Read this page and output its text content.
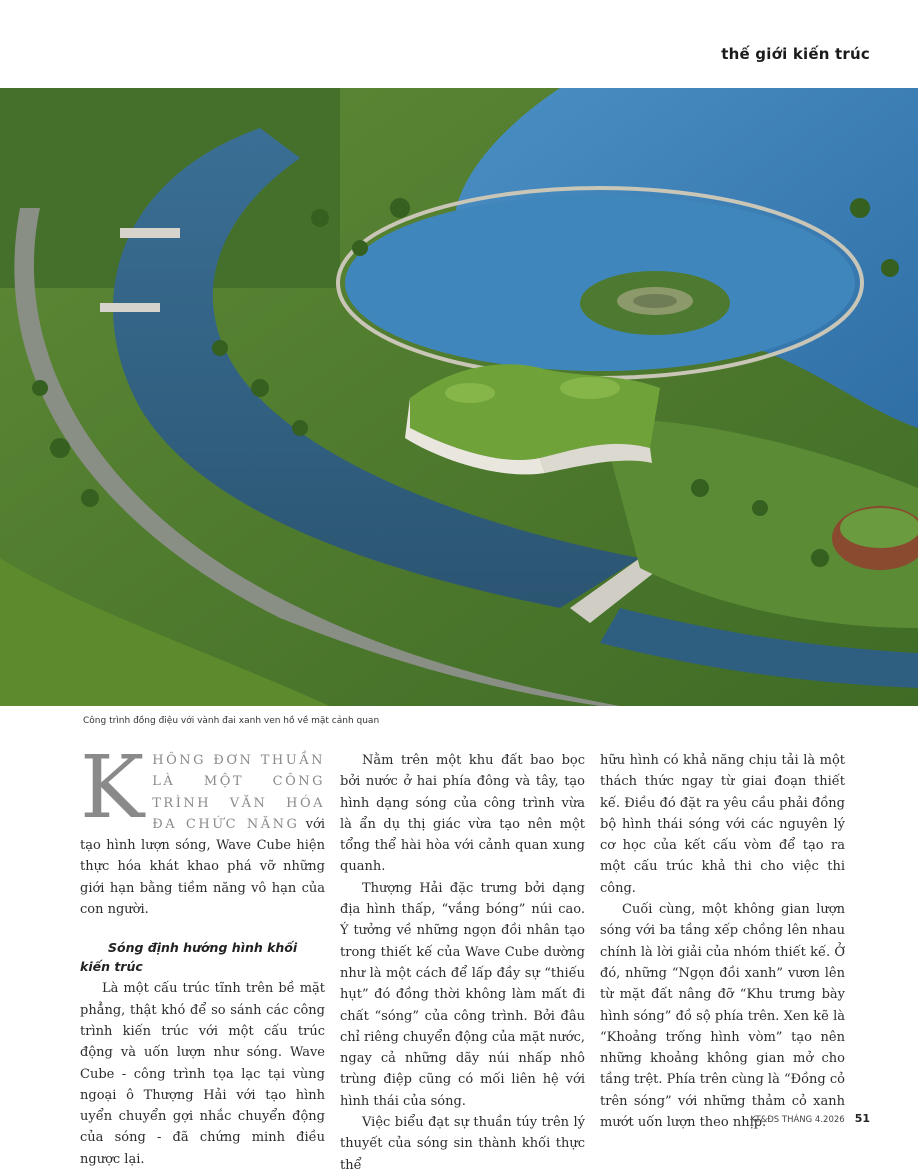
thế giới kiến trúc
Công trình đồng điệu với vành đai xanh ven hồ về mặt cảnh quan

KHÔNG ĐƠN THUẦN LÀ MỘT CÔNG TRÌNH VĂN HÓA ĐA CHỨC NĂNG với tạo hình lượn sóng, Wave Cube hiện thực hóa khát khao phá vỡ những giới hạn bằng tiềm năng vô hạn của con người.

Sóng định hướng hình khối
kiến trúc

Là một cấu trúc tĩnh trên bề mặt phẳng, thật khó để so sánh các công trình kiến trúc với một cấu trúc động và uốn lượn như sóng. Wave Cube - công trình tọa lạc tại vùng ngoại ô Thượng Hải với tạo hình uyển chuyển gợi nhắc chuyển động của sóng - đã chứng minh điều ngược lại.

Nằm trên một khu đất bao bọc bởi nước ở hai phía đông và tây, tạo hình dạng sóng của công trình vừa là ẩn dụ thị giác vừa tạo nên một tổng thể hài hòa với cảnh quan xung quanh.

Thượng Hải đặc trưng bởi dạng địa hình thấp, “vắng bóng” núi cao. Ý tưởng về những ngọn đồi nhân tạo trong thiết kế của Wave Cube dường như là một cách để lấp đầy sự “thiếu hụt” đó đồng thời không làm mất đi chất “sóng” của công trình. Bởi đâu chỉ riêng chuyển động của mặt nước, ngay cả những dãy núi nhấp nhô trùng điệp cũng có mối liên hệ với hình thái của sóng.

Việc biểu đạt sự thuần túy trên lý thuyết của sóng sin thành khối thực thể

hữu hình có khả năng chịu tải là một thách thức ngay từ giai đoạn thiết kế. Điều đó đặt ra yêu cầu phải đồng bộ hình thái sóng với các nguyên lý cơ học của kết cấu vòm để tạo ra một cấu trúc khả thi cho việc thi công.

Cuối cùng, một không gian lượn sóng với ba tầng xếp chồng lên nhau chính là lời giải của nhóm thiết kế. Ở đó, những “Ngọn đồi xanh” vươn lên từ mặt đất nâng đỡ “Khu trưng bày hình sóng” đồ sộ phía trên. Xen kẽ là “Khoảng trống hình vòm” tạo nên những khoảng không gian mở cho tầng trệt. Phía trên cùng là “Đồng cỏ trên sóng” với những thảm cỏ xanh mướt uốn lượn theo nhịp.

KT&ĐS THÁNG 4.2026 51
